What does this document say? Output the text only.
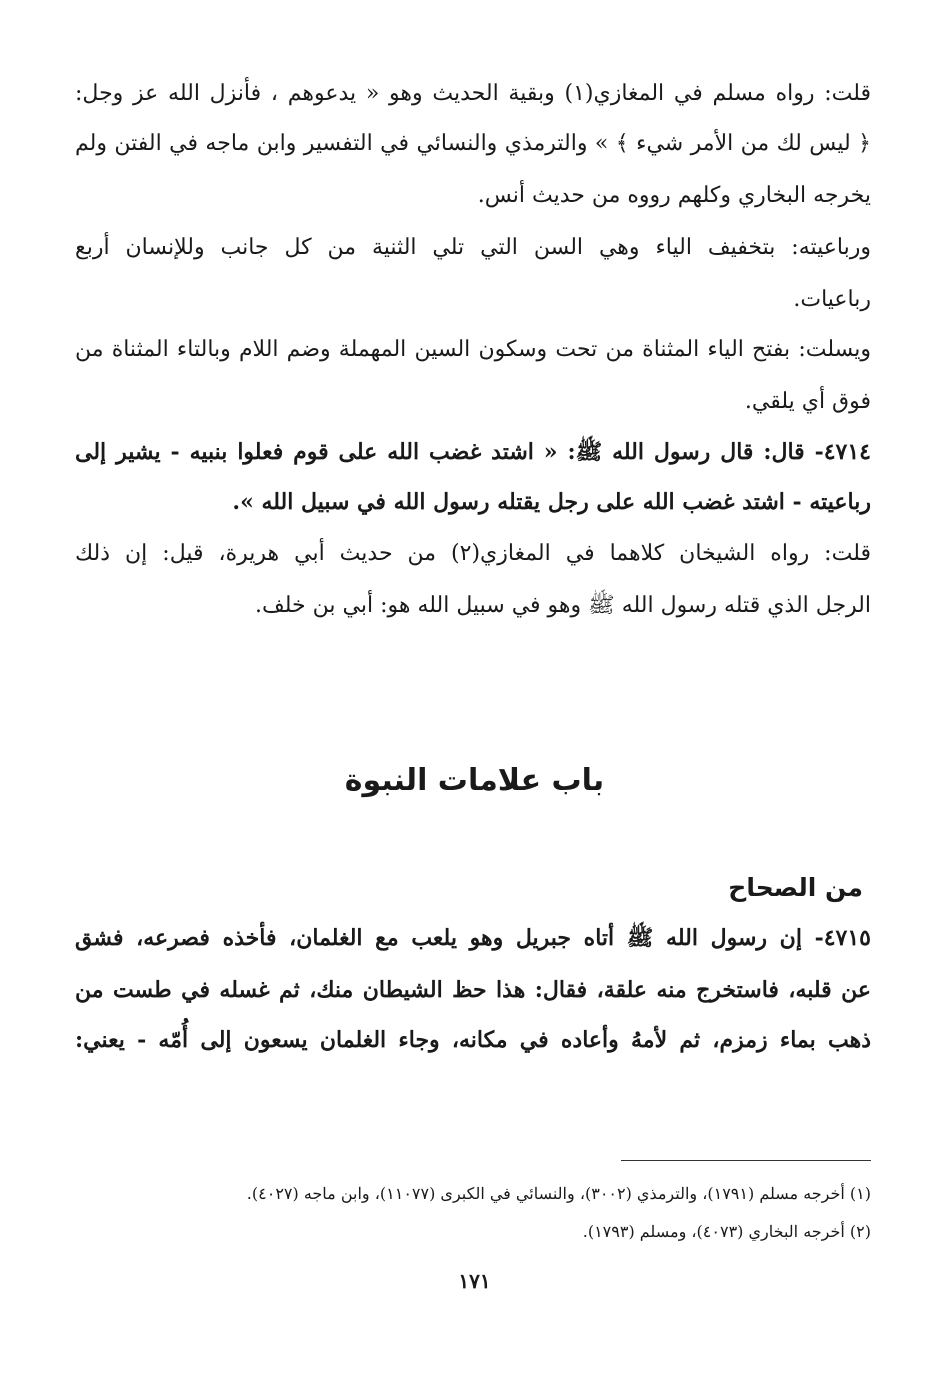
قلت: رواه مسلم في المغازي(١) وبقية الحديث وهو « يدعوهم ، فأنزل الله عز وجل:
﴿ ليس لك من الأمر شيء ﴾ » والترمذي والنسائي في التفسير وابن ماجه في الفتن ولم
يخرجه البخاري وكلهم رووه من حديث أنس.
ورباعيته: بتخفيف الياء وهي السن التي تلي الثنية من كل جانب وللإنسان أربع
رباعيات.
ويسلت: بفتح الياء المثناة من تحت وسكون السين المهملة وضم اللام وبالتاء المثناة من
فوق أي يلقي.
٤٧١٤- قال: قال رسول الله ﷺ: « اشتد غضب الله على قوم فعلوا بنبيه - يشير إلى
رباعيته - اشتد غضب الله على رجل يقتله رسول الله في سبيل الله ».
قلت: رواه الشيخان كلاهما في المغازي(٢) من حديث أبي هريرة، قيل: إن ذلك
الرجل الذي قتله رسول الله ﷺ وهو في سبيل الله هو: أبي بن خلف.
باب علامات النبوة
من الصحاح
٤٧١٥- إن رسول الله ﷺ أتاه جبريل وهو يلعب مع الغلمان، فأخذه فصرعه، فشق
عن قلبه، فاستخرج منه علقة، فقال: هذا حظ الشيطان منك، ثم غسله في طست من
ذهب بماء زمزم، ثم لأمهُ وأعاده في مكانه، وجاء الغلمان يسعون إلى أُمّه - يعني:
(١) أخرجه مسلم (١٧٩١)، والترمذي (٣٠٠٢)، والنسائي في الكبرى (١١٠٧٧)، وابن ماجه (٤٠٢٧).
(٢) أخرجه البخاري (٤٠٧٣)، ومسلم (١٧٩٣).
١٧١
